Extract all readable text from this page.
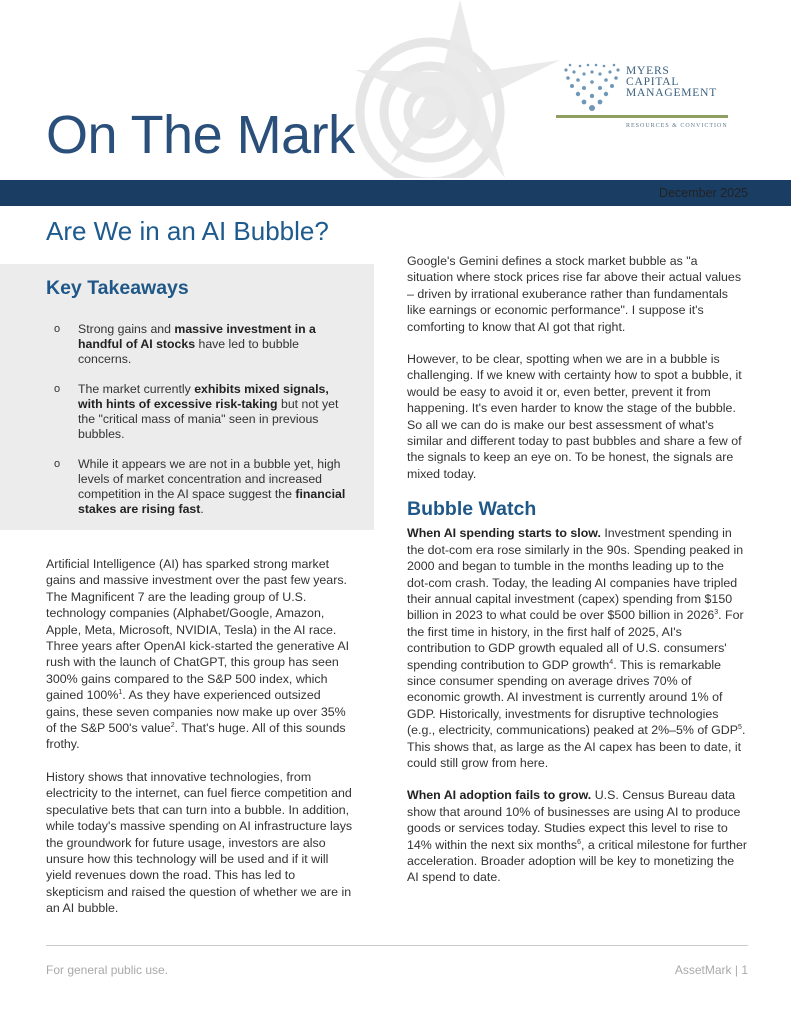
On The Mark
MYERS
CAPITAL
MANAGEMENT
RESOURCES & CONVICTION
December 2025
Are We in an AI Bubble?
Key Takeaways
o Strong gains and massive investment in a handful of AI stocks have led to bubble concerns.
o The market currently exhibits mixed signals, with hints of excessive risk-taking but not yet the "critical mass of mania" seen in previous bubbles.
o While it appears we are not in a bubble yet, high levels of market concentration and increased competition in the AI space suggest the financial stakes are rising fast.

Artificial Intelligence (AI) has sparked strong market gains and massive investment over the past few years. The Magnificent 7 are the leading group of U.S. technology companies (Alphabet/Google, Amazon, Apple, Meta, Microsoft, NVIDIA, Tesla) in the AI race. Three years after OpenAI kick-started the generative AI rush with the launch of ChatGPT, this group has seen 300% gains compared to the S&P 500 index, which gained 100%$^1$. As they have experienced outsized gains, these seven companies now make up over 35% of the S&P 500's value$^2$. That's huge. All of this sounds frothy.

History shows that innovative technologies, from electricity to the internet, can fuel fierce competition and speculative bets that can turn into a bubble. In addition, while today's massive spending on AI infrastructure lays the groundwork for future usage, investors are also unsure how this technology will be used and if it will yield revenues down the road. This has led to skepticism and raised the question of whether we are in an AI bubble.

Google's Gemini defines a stock market bubble as "a situation where stock prices rise far above their actual values – driven by irrational exuberance rather than fundamentals like earnings or economic performance". I suppose it's comforting to know that AI got that right.

However, to be clear, spotting when we are in a bubble is challenging. If we knew with certainty how to spot a bubble, it would be easy to avoid it or, even better, prevent it from happening. It's even harder to know the stage of the bubble. So all we can do is make our best assessment of what's similar and different today to past bubbles and share a few of the signals to keep an eye on. To be honest, the signals are mixed today.

Bubble Watch

When AI spending starts to slow. Investment spending in the dot-com era rose similarly in the 90s. Spending peaked in 2000 and began to tumble in the months leading up to the dot-com crash. Today, the leading AI companies have tripled their annual capital investment (capex) spending from $150 billion in 2023 to what could be over $500 billion in 2026$^3$. For the first time in history, in the first half of 2025, AI's contribution to GDP growth equaled all of U.S. consumers' spending contribution to GDP growth$^4$. This is remarkable since consumer spending on average drives 70% of economic growth. AI investment is currently around 1% of GDP. Historically, investments for disruptive technologies (e.g., electricity, communications) peaked at 2%–5% of GDP$^5$. This shows that, as large as the AI capex has been to date, it could still grow from here.

When AI adoption fails to grow. U.S. Census Bureau data show that around 10% of businesses are using AI to produce goods or services today. Studies expect this level to rise to 14% within the next six months$^6$, a critical milestone for further acceleration. Broader adoption will be key to monetizing the AI spend to date.

For general public use.	AssetMark | 1
